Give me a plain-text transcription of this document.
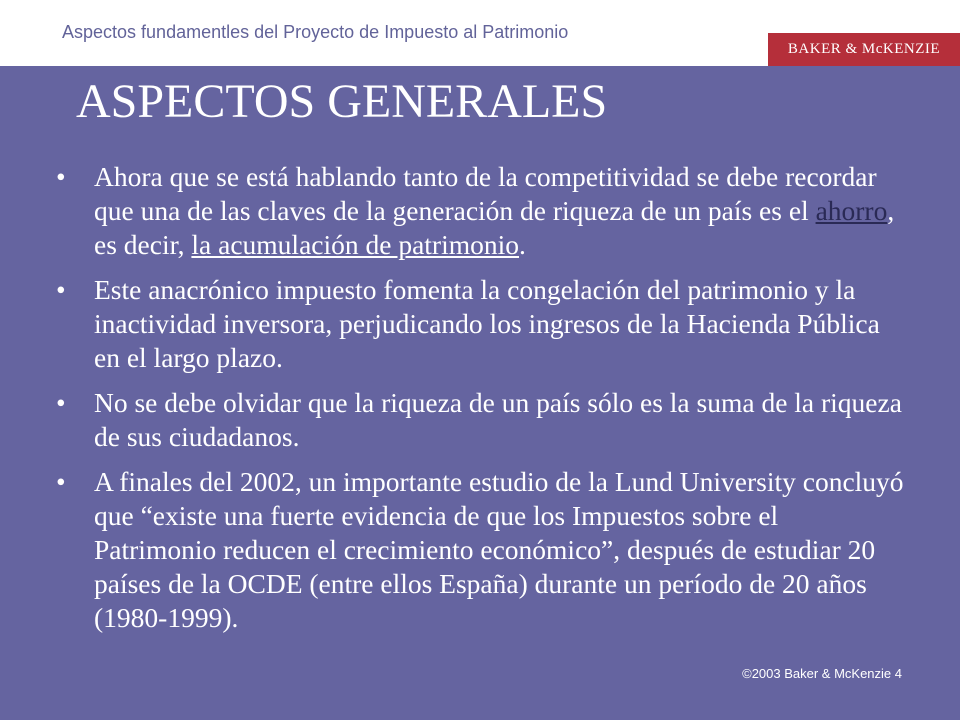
Aspectos fundamentles del Proyecto de Impuesto al Patrimonio
BAKER & McKENZIE
ASPECTOS GENERALES
• Ahora que se está hablando tanto de la competitividad se debe recordar que una de las claves de la generación de riqueza de un país es el ahorro, es decir, la acumulación de patrimonio.
• Este anacrónico impuesto fomenta la congelación del patrimonio y la inactividad inversora, perjudicando los ingresos de la Hacienda Pública en el largo plazo.
• No se debe olvidar que la riqueza de un país sólo es la suma de la riqueza de sus ciudadanos.
• A finales del 2002, un importante estudio de la Lund University concluyó que “existe una fuerte evidencia de que los Impuestos sobre el Patrimonio reducen el crecimiento económico”, después de estudiar 20 países de la OCDE (entre ellos España) durante un período de 20 años (1980-1999).
©2003 Baker & McKenzie 4
